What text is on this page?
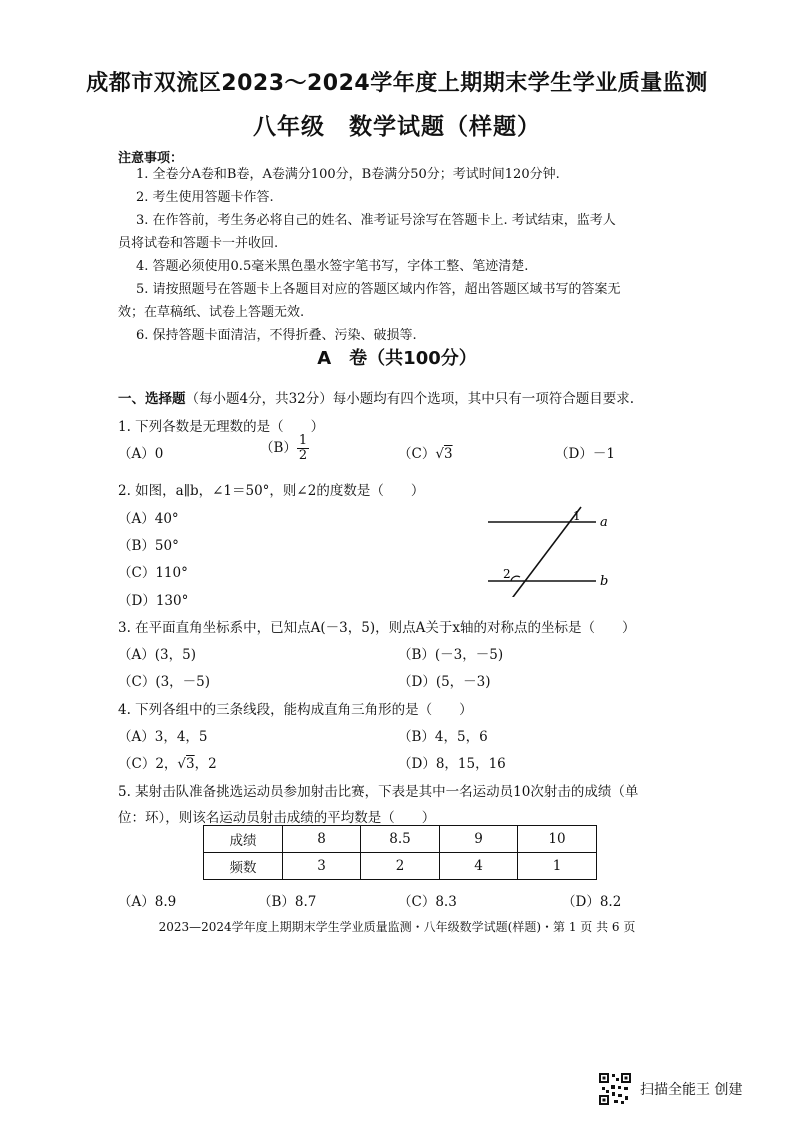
成都市双流区2023～2024学年度上期期末学生学业质量监测
八年级　数学试题（样题）
注意事项：
1. 全卷分A卷和B卷，A卷满分100分，B卷满分50分；考试时间120分钟.
2. 考生使用答题卡作答.
3. 在作答前，考生务必将自己的姓名、准考证号涂写在答题卡上. 考试结束，监考人
员将试卷和答题卡一并收回.
4. 答题必须使用0.5毫米黑色墨水签字笔书写，字体工整、笔迹清楚.
5. 请按照题号在答题卡上各题目对应的答题区域内作答，超出答题区域书写的答案无
效；在草稿纸、试卷上答题无效.
6. 保持答题卡面清洁，不得折叠、污染、破损等.
A　卷（共100分）
一、选择题（每小题4分，共32分）每小题均有四个选项，其中只有一项符合题目要求.
1. 下列各数是无理数的是（　　）
（A）0	$(B) \frac{1}{2}$	（C）√3	（D）－1
2. 如图，a∥b，∠1＝50°，则∠2的度数是（　　）
（A）40°
（B）50°
（C）110°
（D）130°
1
2
a
b
3. 在平面直角坐标系中，已知点A(－3，5)，则点A关于x轴的对称点的坐标是（　　）
（A）(3，5)	（B）(－3，－5)
（C）(3，－5)	（D）(5，－3)
4. 下列各组中的三条线段，能构成直角三角形的是（　　）
（A）3，4，5	（B）4，5，6
（C）2，√3，2	（D）8，15，16
5. 某射击队准备挑选运动员参加射击比赛，下表是其中一名运动员10次射击的成绩（单
位：环），则该名运动员射击成绩的平均数是（　　）
成绩	8	8.5	9	10
频数	3	2	4	1
（A）8.9	（B）8.7	（C）8.3	（D）8.2
2023—2024学年度上期期末学生学业质量监测・八年级数学试题(样题)・第 1 页 共 6 页
扫描全能王 创建
